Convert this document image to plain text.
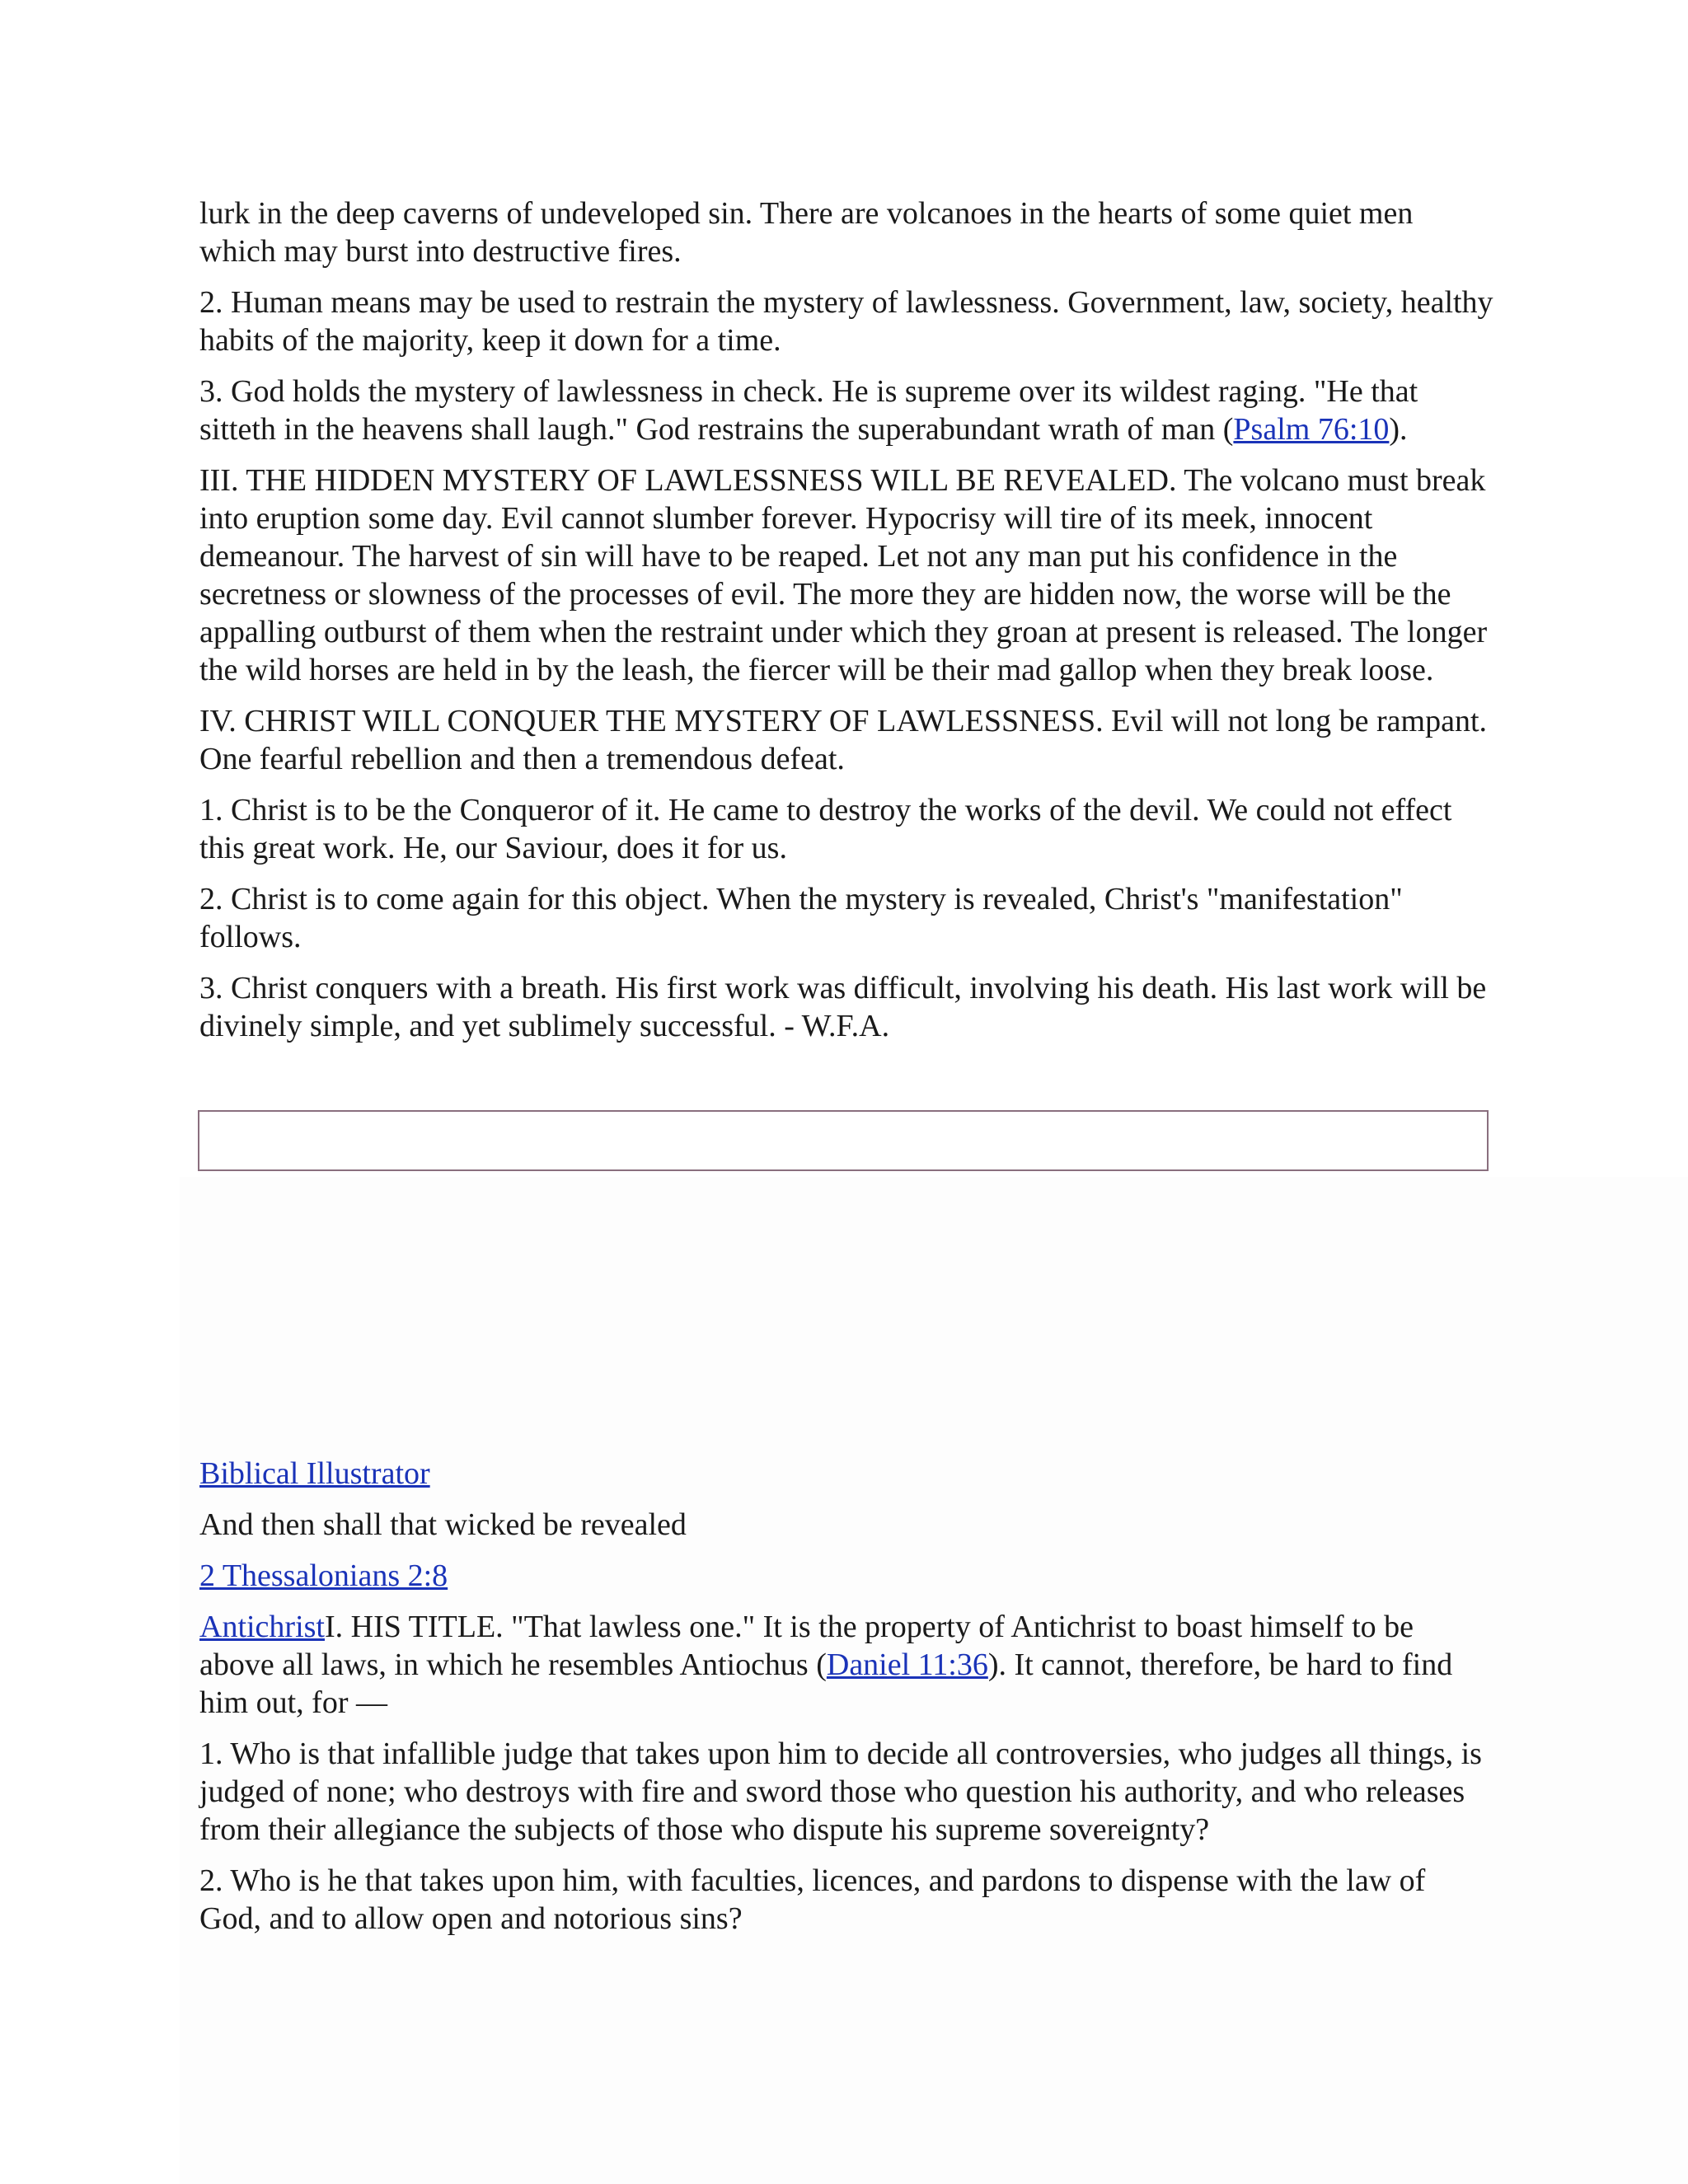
lurk in the deep caverns of undeveloped sin. There are volcanoes in the hearts of some quiet men which may burst into destructive fires.

2. Human means may be used to restrain the mystery of lawlessness. Government, law, society, healthy habits of the majority, keep it down for a time.

3. God holds the mystery of lawlessness in check. He is supreme over its wildest raging. "He that sitteth in the heavens shall laugh." God restrains the superabundant wrath of man (Psalm 76:10).

III. THE HIDDEN MYSTERY OF LAWLESSNESS WILL BE REVEALED. The volcano must break into eruption some day. Evil cannot slumber forever. Hypocrisy will tire of its meek, innocent demeanour. The harvest of sin will have to be reaped. Let not any man put his confidence in the secretness or slowness of the processes of evil. The more they are hidden now, the worse will be the appalling outburst of them when the restraint under which they groan at present is released. The longer the wild horses are held in by the leash, the fiercer will be their mad gallop when they break loose.

IV. CHRIST WILL CONQUER THE MYSTERY OF LAWLESSNESS. Evil will not long be rampant. One fearful rebellion and then a tremendous defeat.

1. Christ is to be the Conqueror of it. He came to destroy the works of the devil. We could not effect this great work. He, our Saviour, does it for us.

2. Christ is to come again for this object. When the mystery is revealed, Christ's "manifestation" follows.

3. Christ conquers with a breath. His first work was difficult, involving his death. His last work will be divinely simple, and yet sublimely successful. - W.F.A.

Biblical Illustrator

And then shall that wicked be revealed

2 Thessalonians 2:8

AntichristI. HIS TITLE. "That lawless one." It is the property of Antichrist to boast himself to be above all laws, in which he resembles Antiochus (Daniel 11:36). It cannot, therefore, be hard to find him out, for —

1. Who is that infallible judge that takes upon him to decide all controversies, who judges all things, is judged of none; who destroys with fire and sword those who question his authority, and who releases from their allegiance the subjects of those who dispute his supreme sovereignty?

2. Who is he that takes upon him, with faculties, licences, and pardons to dispense with the law of God, and to allow open and notorious sins?
